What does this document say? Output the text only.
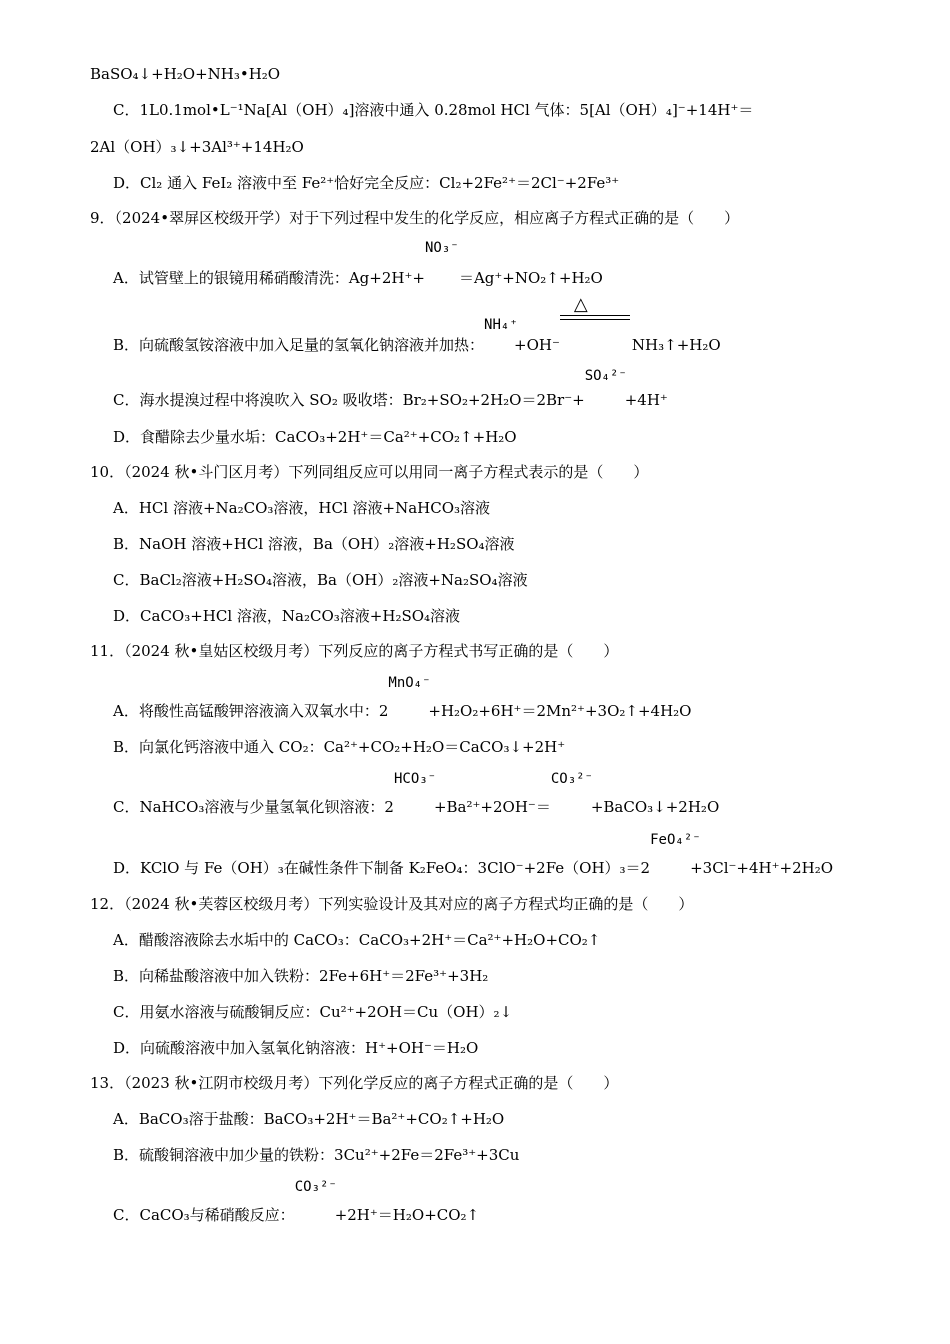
BaSO₄↓+H₂O+NH₃•H₂O
C．1L0.1mol•L⁻¹Na[Al（OH）₄]溶液中通入 0.28mol HCl 气体：5[Al（OH）₄]⁻+14H⁺＝
2Al（OH）₃↓+3Al³⁺+14H₂O
D．Cl₂ 通入 FeI₂ 溶液中至 Fe²⁺恰好完全反应：Cl₂+2Fe²⁺＝2Cl⁻+2Fe³⁺
9．（2024•翠屏区校级开学）对于下列过程中发生的化学反应，相应离子方程式正确的是（　　）
A．试管壁上的银镜用稀硝酸清洗：Ag+2H⁺+
NO₃⁻
＝Ag⁺+NO₂↑+H₂O
B．向硫酸氢铵溶液中加入足量的氢氧化钠溶液并加热：
NH₄⁺
+OH⁻
△
NH₃↑+H₂O
C．海水提溴过程中将溴吹入 SO₂ 吸收塔：Br₂+SO₂+2H₂O＝2Br⁻+
SO₄²⁻
+4H⁺
D．食醋除去少量水垢：CaCO₃+2H⁺＝Ca²⁺+CO₂↑+H₂O
10．（2024 秋•斗门区月考）下列同组反应可以用同一离子方程式表示的是（　　）
A．HCl 溶液+Na₂CO₃溶液，HCl 溶液+NaHCO₃溶液
B．NaOH 溶液+HCl 溶液，Ba（OH）₂溶液+H₂SO₄溶液
C．BaCl₂溶液+H₂SO₄溶液，Ba（OH）₂溶液+Na₂SO₄溶液
D．CaCO₃+HCl 溶液，Na₂CO₃溶液+H₂SO₄溶液
11．（2024 秋•皇姑区校级月考）下列反应的离子方程式书写正确的是（　　）
A．将酸性高锰酸钾溶液滴入双氧水中：2
MnO₄⁻
+H₂O₂+6H⁺＝2Mn²⁺+3O₂↑+4H₂O
B．向氯化钙溶液中通入 CO₂：Ca²⁺+CO₂+H₂O＝CaCO₃↓+2H⁺
C．NaHCO₃溶液与少量氢氧化钡溶液：2
HCO₃⁻
+Ba²⁺+2OH⁻＝
CO₃²⁻
+BaCO₃↓+2H₂O
D．KClO 与 Fe（OH）₃在碱性条件下制备 K₂FeO₄：3ClO⁻+2Fe（OH）₃＝2
FeO₄²⁻
+3Cl⁻+4H⁺+2H₂O
12．（2024 秋•芙蓉区校级月考）下列实验设计及其对应的离子方程式均正确的是（　　）
A．醋酸溶液除去水垢中的 CaCO₃：CaCO₃+2H⁺＝Ca²⁺+H₂O+CO₂↑
B．向稀盐酸溶液中加入铁粉：2Fe+6H⁺＝2Fe³⁺+3H₂
C．用氨水溶液与硫酸铜反应：Cu²⁺+2OH＝Cu（OH）₂↓
D．向硫酸溶液中加入氢氧化钠溶液：H⁺+OH⁻＝H₂O
13．（2023 秋•江阴市校级月考）下列化学反应的离子方程式正确的是（　　）
A．BaCO₃溶于盐酸：BaCO₃+2H⁺＝Ba²⁺+CO₂↑+H₂O
B．硫酸铜溶液中加少量的铁粉：3Cu²⁺+2Fe＝2Fe³⁺+3Cu
C．CaCO₃与稀硝酸反应：
CO₃²⁻
+2H⁺＝H₂O+CO₂↑
